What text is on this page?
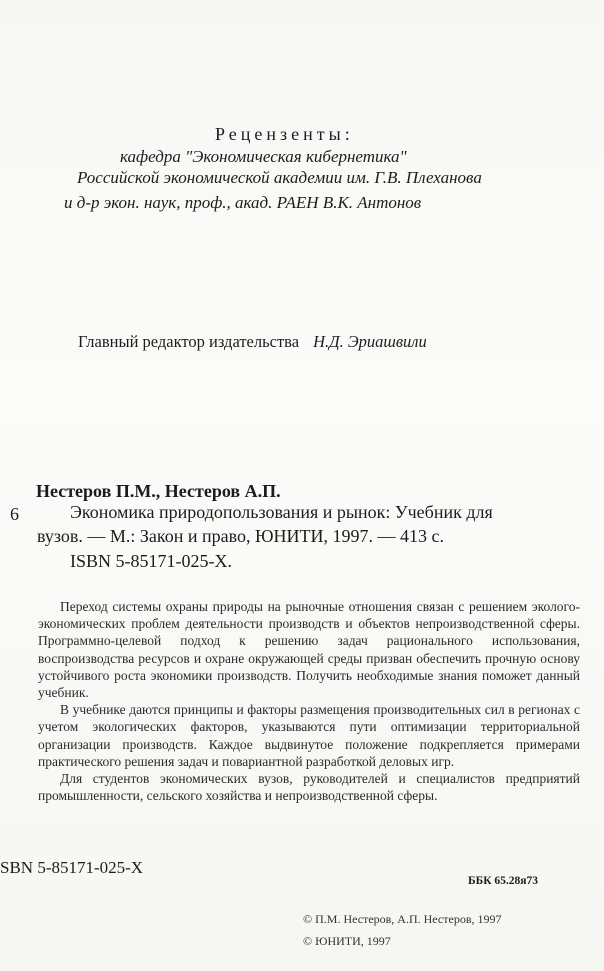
Рецензенты:
кафедра "Экономическая кибернетика"
Российской экономической академии им. Г.В. Плеханова
и д-р экон. наук, проф., акад. РАЕН В.К. Антонов
Главный редактор издательства Н.Д. Эриашвили
Нестеров П.М., Нестеров А.П.
6	Экономика природопользования и рынок: Учебник для
вузов. — М.: Закон и право, ЮНИТИ, 1997. — 413 с.
ISBN 5-85171-025-X.

Переход системы охраны природы на рыночные отношения связан с решением эколого-экономических проблем деятельности производств и объектов непроизводственной сферы. Программно-целевой подход к решению задач рационального использования, воспроизводства ресурсов и охране окружающей среды призван обеспечить прочную основу устойчивого роста экономики производств. Получить необходимые знания поможет данный учебник.

В учебнике даются принципы и факторы размещения производительных сил в регионах с учетом экологических факторов, указываются пути оптимизации территориальной организации производств. Каждое выдвинутое положение подкрепляется примерами практического решения задач и повариантной разработкой деловых игр.

Для студентов экономических вузов, руководителей и специалистов предприятий промышленности, сельского хозяйства и непроизводственной сферы.

SBN 5-85171-025-X
ББК 65.28я73
© П.М. Нестеров, А.П. Нестеров, 1997
© ЮНИТИ, 1997
